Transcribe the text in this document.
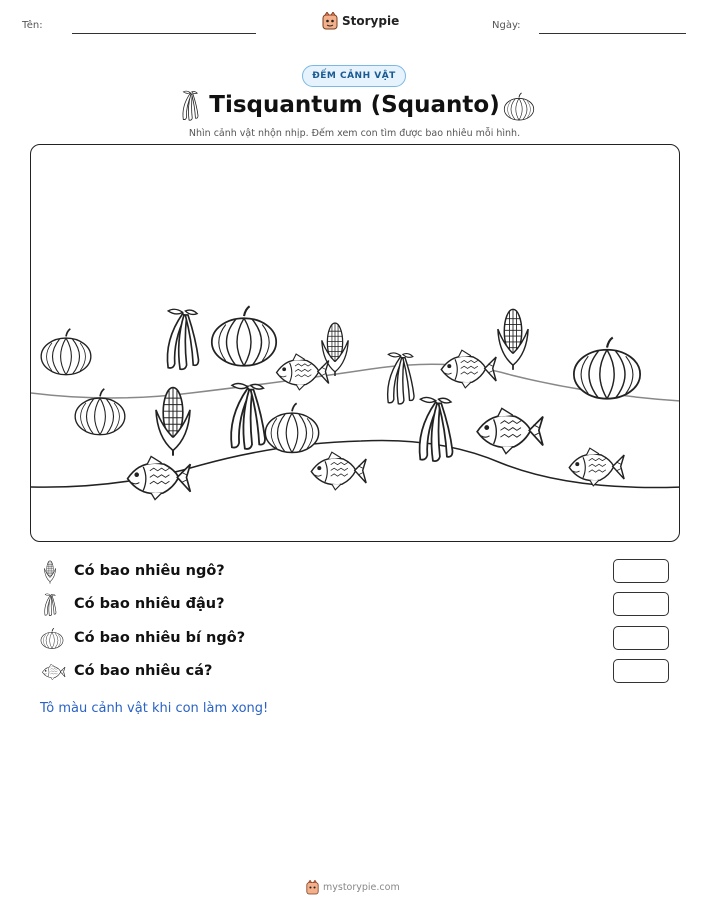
Tên:	Storypie	Ngày:
ĐẾM CẢNH VẬT
Tisquantum (Squanto)
Nhìn cảnh vật nhộn nhịp. Đếm xem con tìm được bao nhiêu mỗi hình.
Có bao nhiêu ngô?
Có bao nhiêu đậu?
Có bao nhiêu bí ngô?
Có bao nhiêu cá?
Tô màu cảnh vật khi con làm xong!
mystorypie.com
